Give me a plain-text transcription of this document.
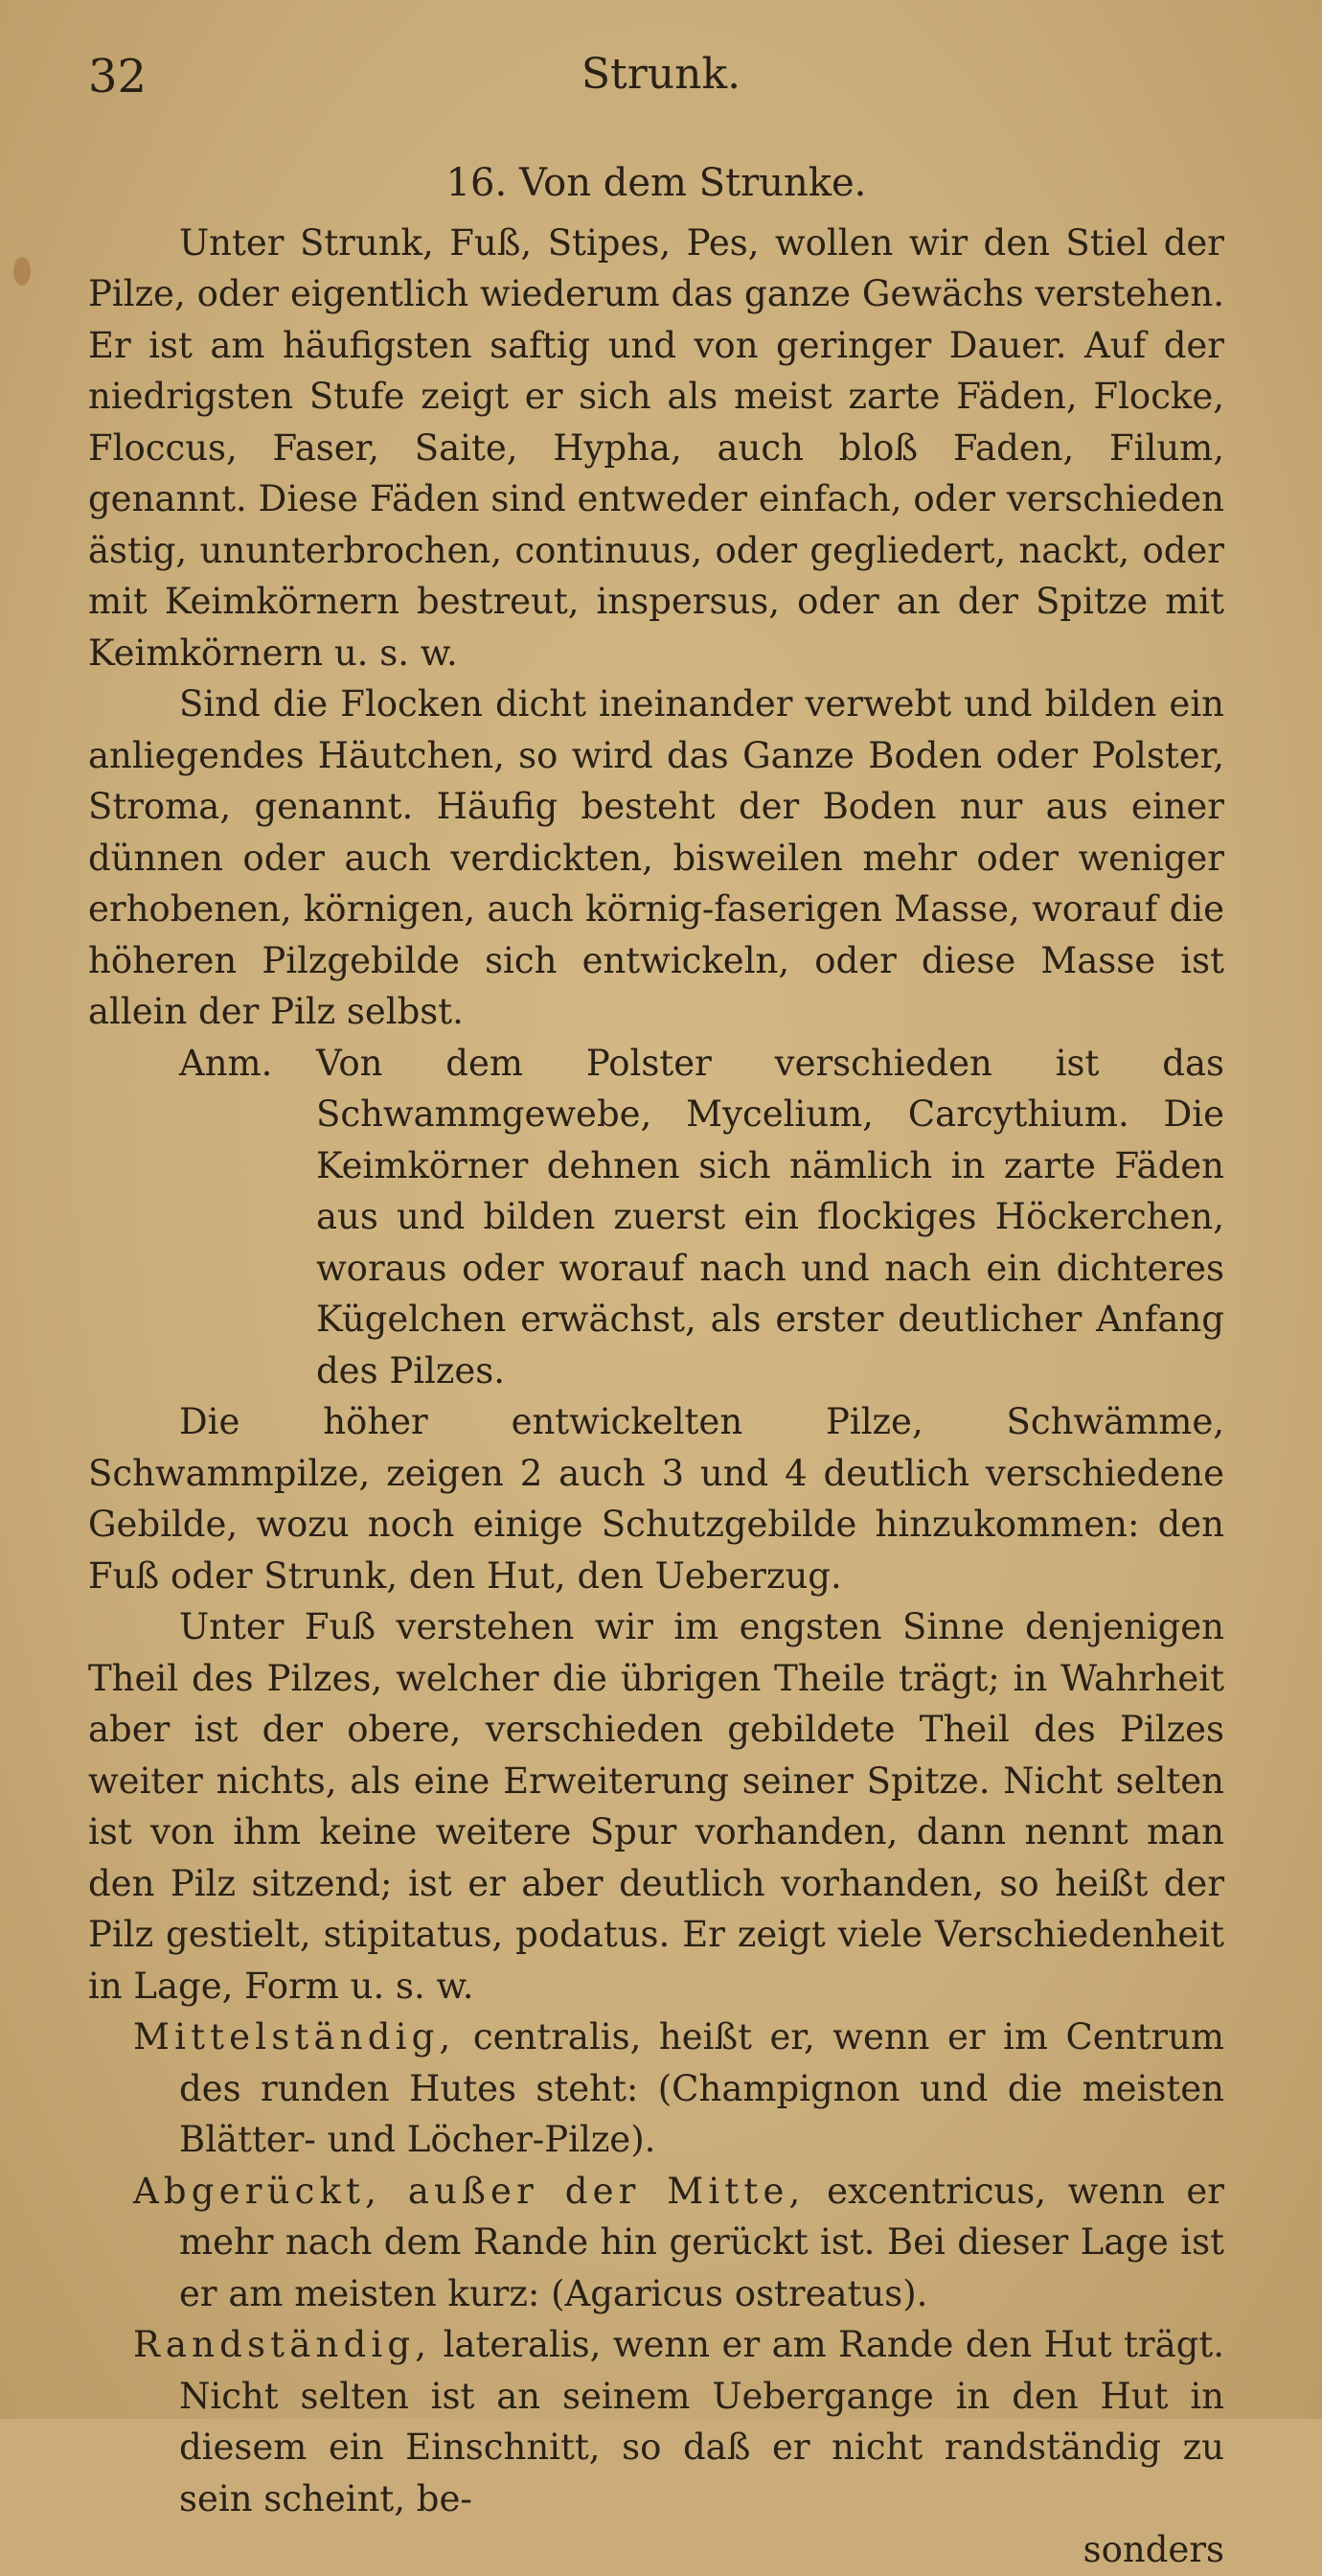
32	Strunk.

16. Von dem Strunke.

Unter Strunk, Fuß, Stipes, Pes, wollen wir den Stiel der Pilze, oder eigentlich wiederum das ganze Gewächs verstehen. Er ist am häufigsten saftig und von geringer Dauer. Auf der niedrigsten Stufe zeigt er sich als meist zarte Fäden, Flocke, Floccus, Faser, Saite, Hypha, auch bloß Faden, Filum, genannt. Diese Fäden sind entweder einfach, oder verschieden ästig, ununterbrochen, continuus, oder gegliedert, nackt, oder mit Keimkörnern bestreut, inspersus, oder an der Spitze mit Keimkörnern u. s. w.

Sind die Flocken dicht ineinander verwebt und bilden ein anliegendes Häutchen, so wird das Ganze Boden oder Polster, Stroma, genannt. Häufig besteht der Boden nur aus einer dünnen oder auch verdickten, bisweilen mehr oder weniger erhobenen, körnigen, auch körnig-faserigen Masse, worauf die höheren Pilzgebilde sich entwickeln, oder diese Masse ist allein der Pilz selbst.

Anm.	Von dem Polster verschieden ist das Schwammgewebe, Mycelium, Carcythium. Die Keimkörner dehnen sich nämlich in zarte Fäden aus und bilden zuerst ein flockiges Höckerchen, woraus oder worauf nach und nach ein dichteres Kügelchen erwächst, als erster deutlicher Anfang des Pilzes.

Die höher entwickelten Pilze, Schwämme, Schwammpilze, zeigen 2 auch 3 und 4 deutlich verschiedene Gebilde, wozu noch einige Schutzgebilde hinzukommen: den Fuß oder Strunk, den Hut, den Ueberzug.

Unter Fuß verstehen wir im engsten Sinne denjenigen Theil des Pilzes, welcher die übrigen Theile trägt; in Wahrheit aber ist der obere, verschieden gebildete Theil des Pilzes weiter nichts, als eine Erweiterung seiner Spitze. Nicht selten ist von ihm keine weitere Spur vorhanden, dann nennt man den Pilz sitzend; ist er aber deutlich vorhanden, so heißt der Pilz gestielt, stipitatus, podatus. Er zeigt viele Verschiedenheit in Lage, Form u. s. w.

Mittelständig, centralis, heißt er, wenn er im Centrum des runden Hutes steht: (Champignon und die meisten Blätter- und Löcher-Pilze).

Abgerückt, außer der Mitte, excentricus, wenn er mehr nach dem Rande hin gerückt ist. Bei dieser Lage ist er am meisten kurz: (Agaricus ostreatus).

Randständig, lateralis, wenn er am Rande den Hut trägt. Nicht selten ist an seinem Uebergange in den Hut in diesem ein Einschnitt, so daß er nicht randständig zu sein scheint, be-

sonders
